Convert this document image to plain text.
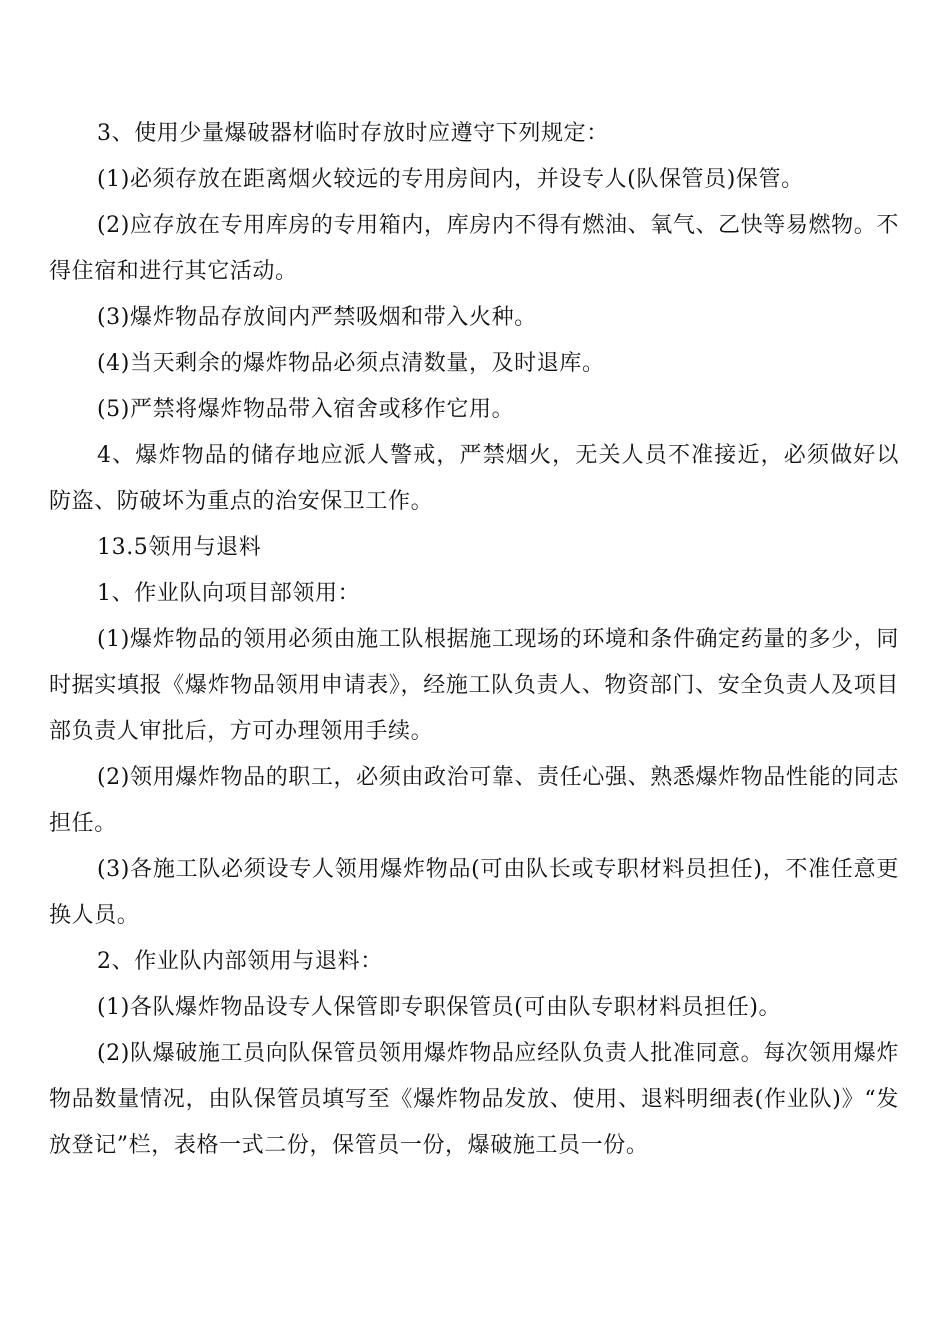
3、使用少量爆破器材临时存放时应遵守下列规定：

(1)必须存放在距离烟火较远的专用房间内，并设专人(队保管员)保管。

(2)应存放在专用库房的专用箱内，库房内不得有燃油、氧气、乙快等易燃物。不得住宿和进行其它活动。

(3)爆炸物品存放间内严禁吸烟和带入火种。

(4)当天剩余的爆炸物品必须点清数量，及时退库。

(5)严禁将爆炸物品带入宿舍或移作它用。

4、爆炸物品的储存地应派人警戒，严禁烟火，无关人员不准接近，必须做好以防盗、防破坏为重点的治安保卫工作。

13.5领用与退料

1、作业队向项目部领用：

(1)爆炸物品的领用必须由施工队根据施工现场的环境和条件确定药量的多少，同时据实填报《爆炸物品领用申请表》，经施工队负责人、物资部门、安全负责人及项目部负责人审批后，方可办理领用手续。

(2)领用爆炸物品的职工，必须由政治可靠、责任心强、熟悉爆炸物品性能的同志担任。

(3)各施工队必须设专人领用爆炸物品(可由队长或专职材料员担任)，不准任意更换人员。

2、作业队内部领用与退料：

(1)各队爆炸物品设专人保管即专职保管员(可由队专职材料员担任)。

(2)队爆破施工员向队保管员领用爆炸物品应经队负责人批准同意。每次领用爆炸物品数量情况，由队保管员填写至《爆炸物品发放、使用、退料明细表(作业队)》“发放登记”栏，表格一式二份，保管员一份，爆破施工员一份。
